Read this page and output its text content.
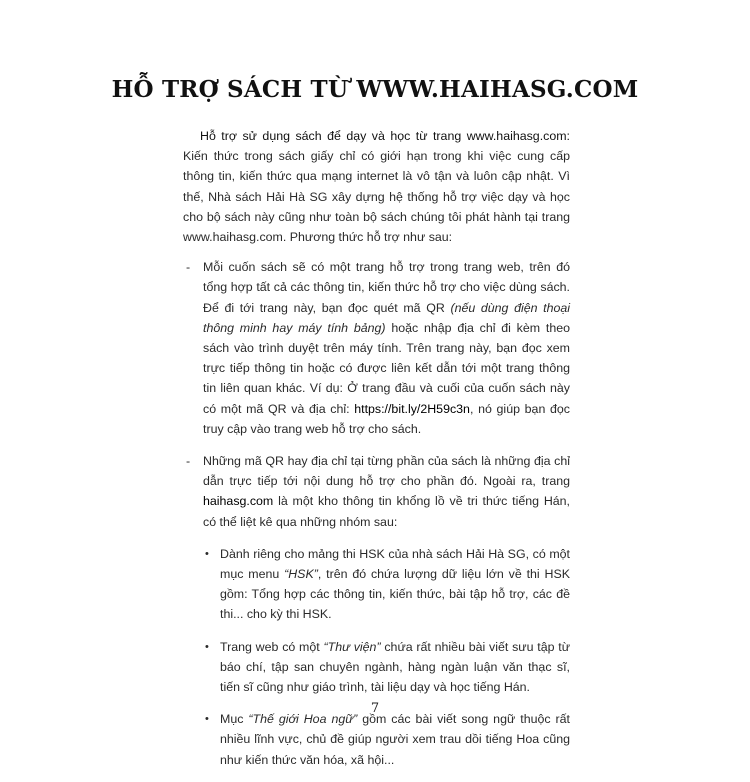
HỖ TRỢ SÁCH TỪ WWW.HAIHASG.COM

Hỗ trợ sử dụng sách để dạy và học từ trang www.haihasg.com: Kiến thức trong sách giấy chỉ có giới hạn trong khi việc cung cấp thông tin, kiến thức qua mạng internet là vô tận và luôn cập nhật. Vì thế, Nhà sách Hải Hà SG xây dựng hệ thống hỗ trợ việc dạy và học cho bộ sách này cũng như toàn bộ sách chúng tôi phát hành tại trang www.haihasg.com. Phương thức hỗ trợ như sau:

- Mỗi cuốn sách sẽ có một trang hỗ trợ trong trang web, trên đó tổng hợp tất cả các thông tin, kiến thức hỗ trợ cho việc dùng sách. Để đi tới trang này, bạn đọc quét mã QR (nếu dùng điện thoại thông minh hay máy tính bảng) hoặc nhập địa chỉ đi kèm theo sách vào trình duyệt trên máy tính. Trên trang này, bạn đọc xem trực tiếp thông tin hoặc có được liên kết dẫn tới một trang thông tin liên quan khác. Ví dụ: Ở trang đầu và cuối của cuốn sách này có một mã QR và địa chỉ: https://bit.ly/2H59c3n, nó giúp bạn đọc truy cập vào trang web hỗ trợ cho sách.

- Những mã QR hay địa chỉ tại từng phần của sách là những địa chỉ dẫn trực tiếp tới nội dung hỗ trợ cho phần đó. Ngoài ra, trang haihasg.com là một kho thông tin khổng lồ về tri thức tiếng Hán, có thể liệt kê qua những nhóm sau:

• Dành riêng cho mảng thi HSK của nhà sách Hải Hà SG, có một mục menu “HSK”, trên đó chứa lượng dữ liệu lớn về thi HSK gồm: Tổng hợp các thông tin, kiến thức, bài tập hỗ trợ, các đề thi... cho kỳ thi HSK.

• Trang web có một “Thư viện” chứa rất nhiều bài viết sưu tập từ báo chí, tập san chuyên ngành, hàng ngàn luận văn thạc sĩ, tiến sĩ cũng như giáo trình, tài liệu dạy và học tiếng Hán.

• Mục “Thế giới Hoa ngữ” gồm các bài viết song ngữ thuộc rất nhiều lĩnh vực, chủ đề giúp người xem trau dồi tiếng Hoa cũng như kiến thức văn hóa, xã hội...

7
